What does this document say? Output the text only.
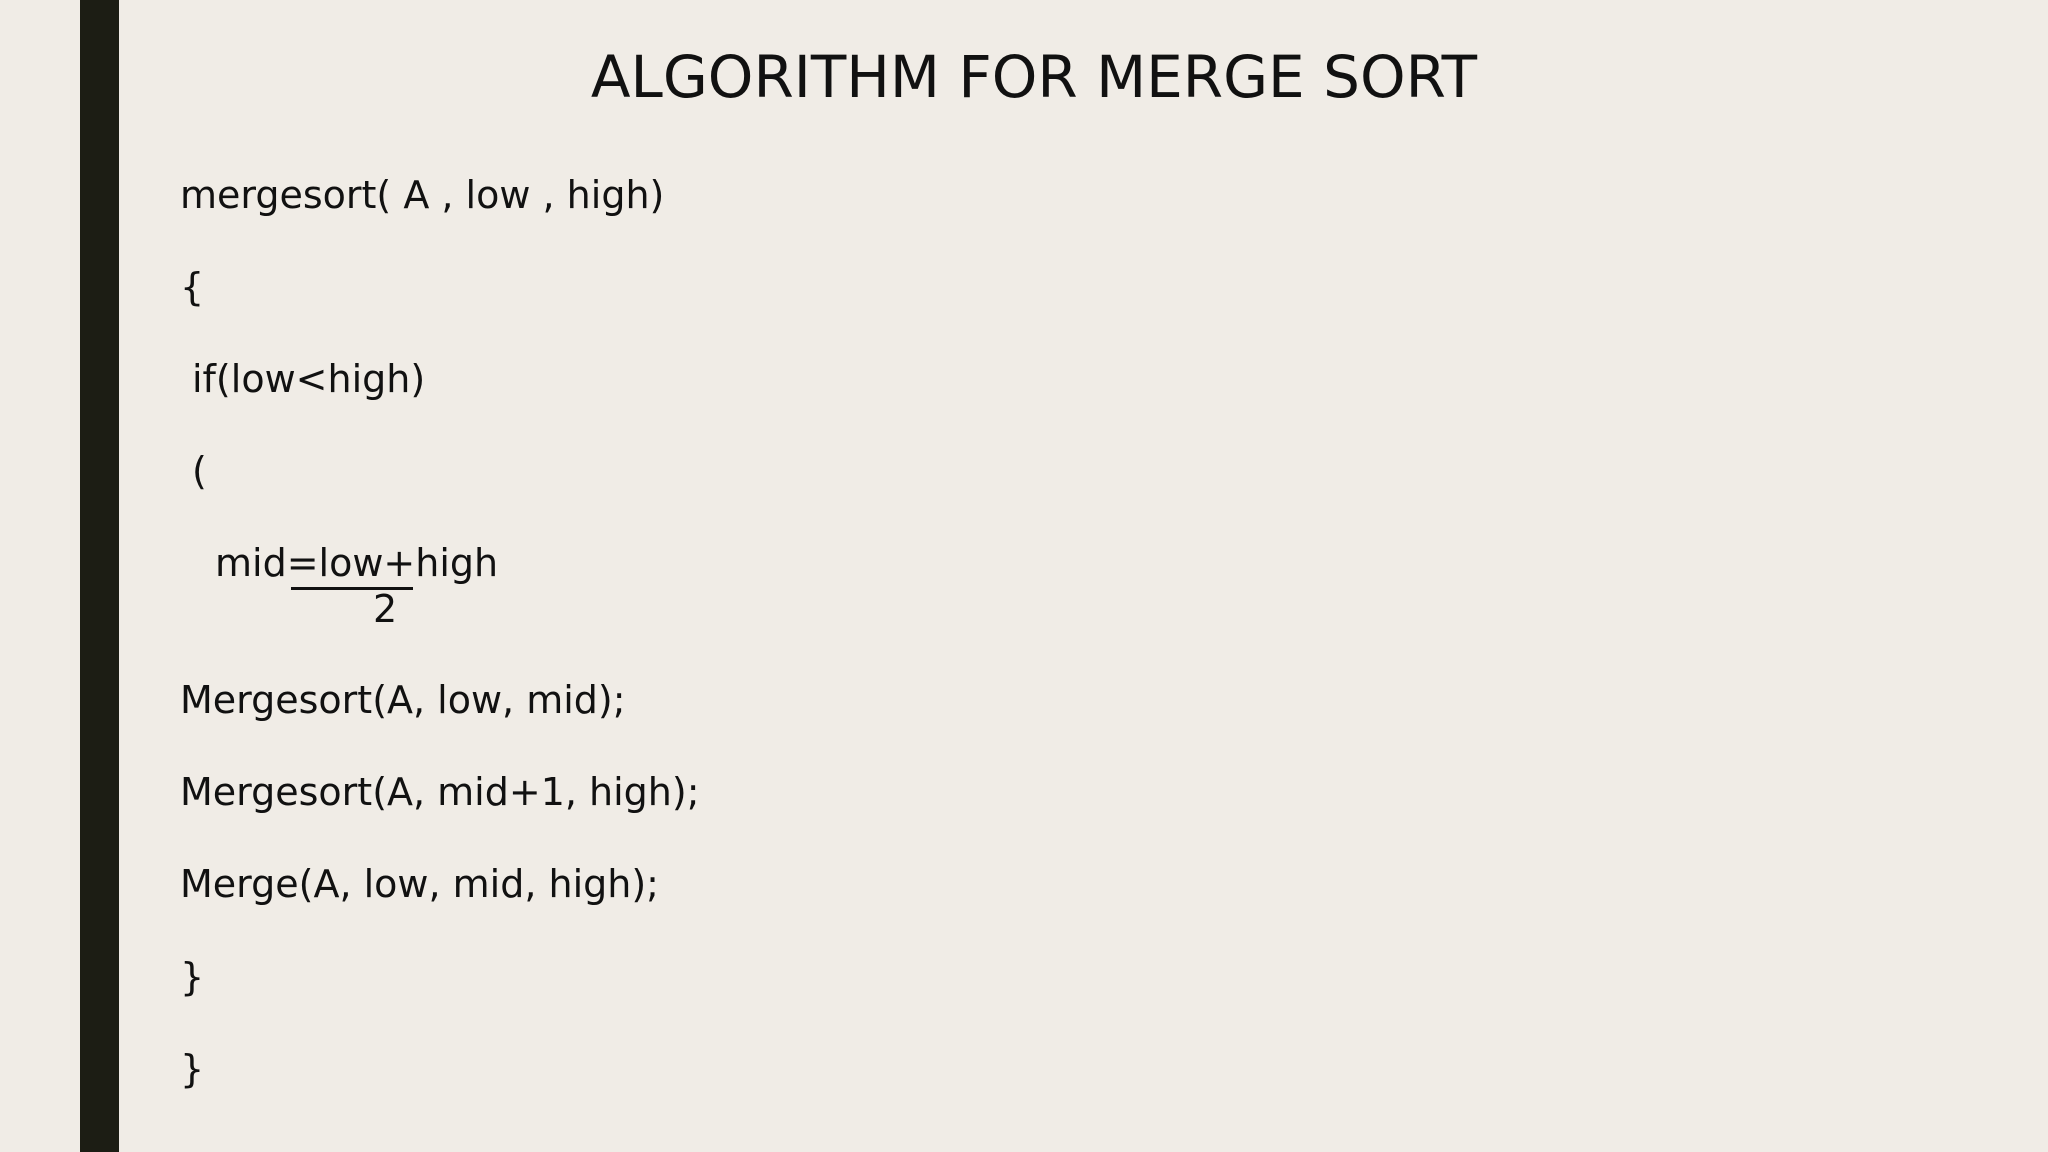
ALGORITHM FOR MERGE SORT
mergesort( A , low , high)
{
if(low<high)
(
mid=low+high
2
Mergesort(A, low, mid);
Mergesort(A, mid+1, high);
Merge(A, low, mid, high);
}
}
